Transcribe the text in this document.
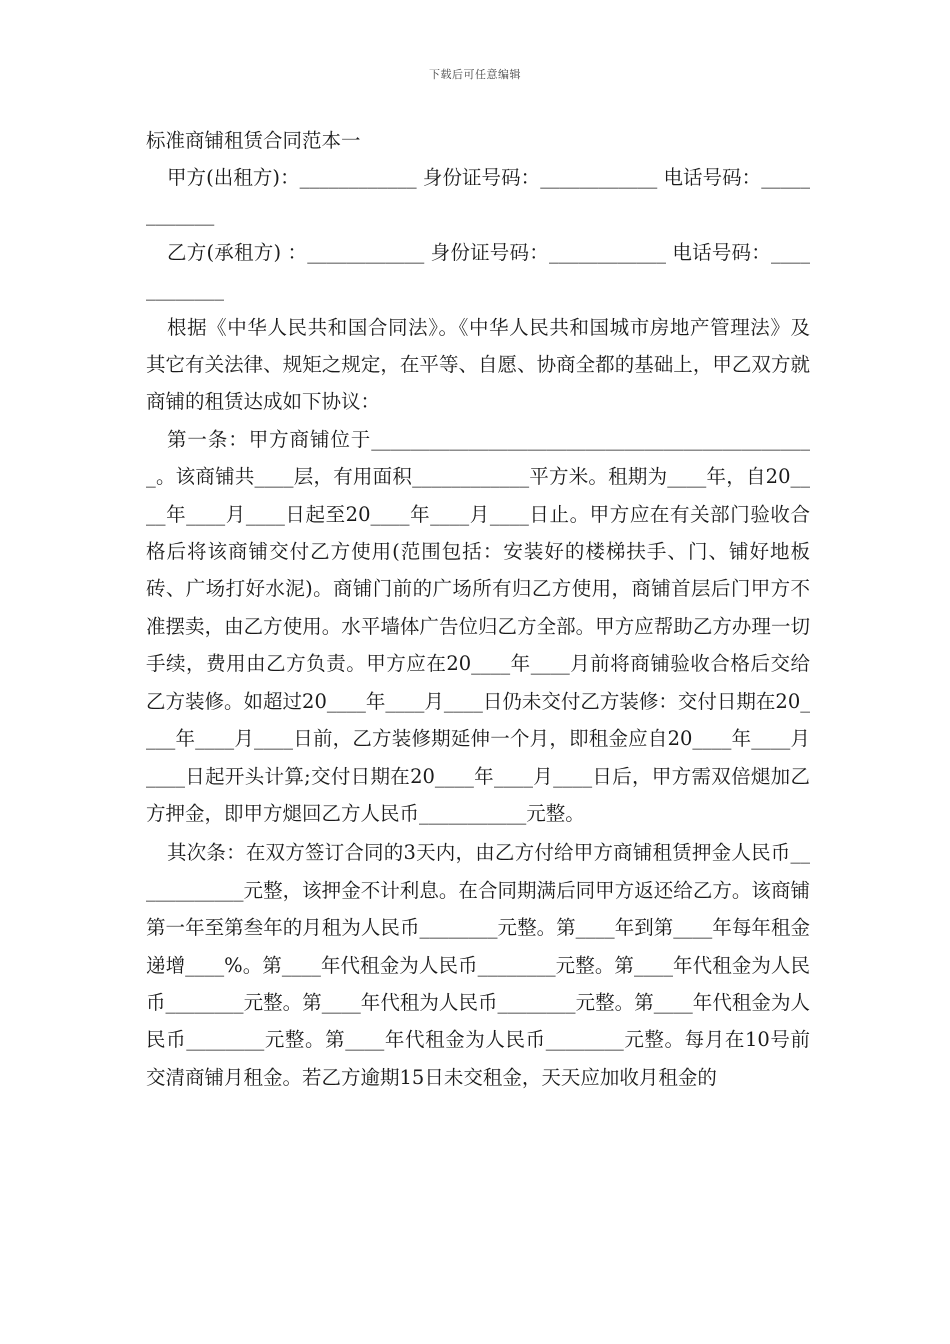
下载后可任意编辑

标准商铺租赁合同范本一

甲方(出租方)：____________ 身份证号码：____________ 电话号码：____________

乙方(承租方) ：____________ 身份证号码：____________ 电话号码：____________

根据《中华人民共和国合同法》。《中华人民共和国城市房地产管理法》及其它有关法律、规矩之规定，在平等、自愿、协商全都的基础上，甲乙双方就商铺的租赁达成如下协议：

第一条：甲方商铺位于______________________________________________。该商铺共____层，有用面积____________平方米。租期为____年，自20____年____月____日起至20____年____月____日止。甲方应在有关部门验收合格后将该商铺交付乙方使用(范围包括：安装好的楼梯扶手、门、铺好地板砖、广场打好水泥)。商铺门前的广场所有归乙方使用，商铺首层后门甲方不准摆卖，由乙方使用。水平墙体广告位归乙方全部。甲方应帮助乙方办理一切手续，费用由乙方负责。甲方应在20____年____月前将商铺验收合格后交给乙方装修。如超过20____年____月____日仍未交付乙方装修：交付日期在20____年____月____日前，乙方装修期延伸一个月，即租金应自20____年____月____日起开头计算;交付日期在20____年____月____日后，甲方需双倍煺加乙方押金，即甲方煺回乙方人民币___________元整。

其次条：在双方签订合同的3天内，由乙方付给甲方商铺租赁押金人民币____________元整，该押金不计利息。在合同期满后同甲方返还给乙方。该商铺第一年至第叁年的月租为人民币________元整。第____年到第____年每年租金递增____%。第____年代租金为人民币________元整。第____年代租金为人民币________元整。第____年代租为人民币________元整。第____年代租金为人民币________元整。第____年代租金为人民币________元整。每月在10号前交清商铺月租金。若乙方逾期15日未交租金，天天应加收月租金的
